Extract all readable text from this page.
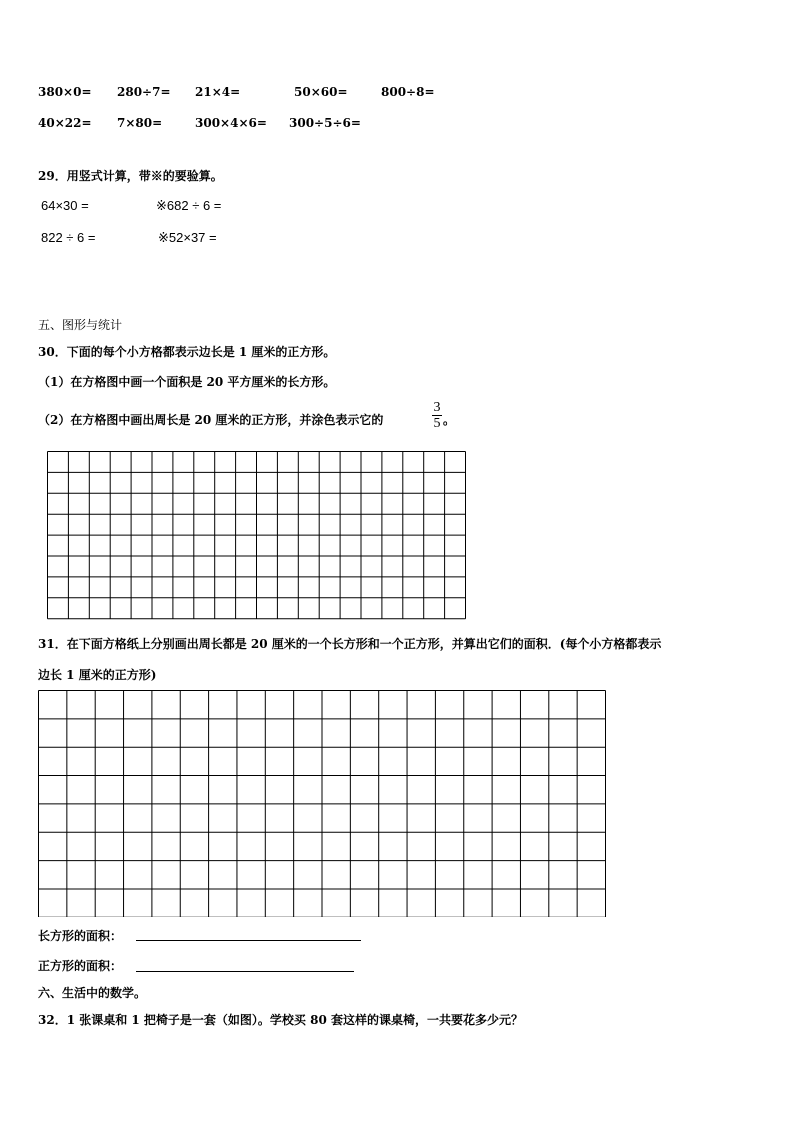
380×0= 280÷7= 21×4=	50×60=	800÷8=
40×22= 7×80=	300×4×6= 300÷5÷6=
29．用竖式计算，带※的要验算。
64×30 =	※682 ÷ 6 =
822 ÷ 6 =	※52×37 =
五、图形与统计
30．下面的每个小方格都表示边长是 1 厘米的正方形。
（1）在方格图中画一个面积是 20 平方厘米的长方形。
（2）在方格图中画出周长是 20 厘米的正方形，并涂色表示它的
3
5 。
31．在下面方格纸上分别画出周长都是 20 厘米的一个长方形和一个正方形，并算出它们的面积．(每个小方格都表示
边长 1 厘米的正方形)
长方形的面积：
正方形的面积：
六、生活中的数学。
32．1 张课桌和 1 把椅子是一套（如图）。学校买 80 套这样的课桌椅，一共要花多少元？
